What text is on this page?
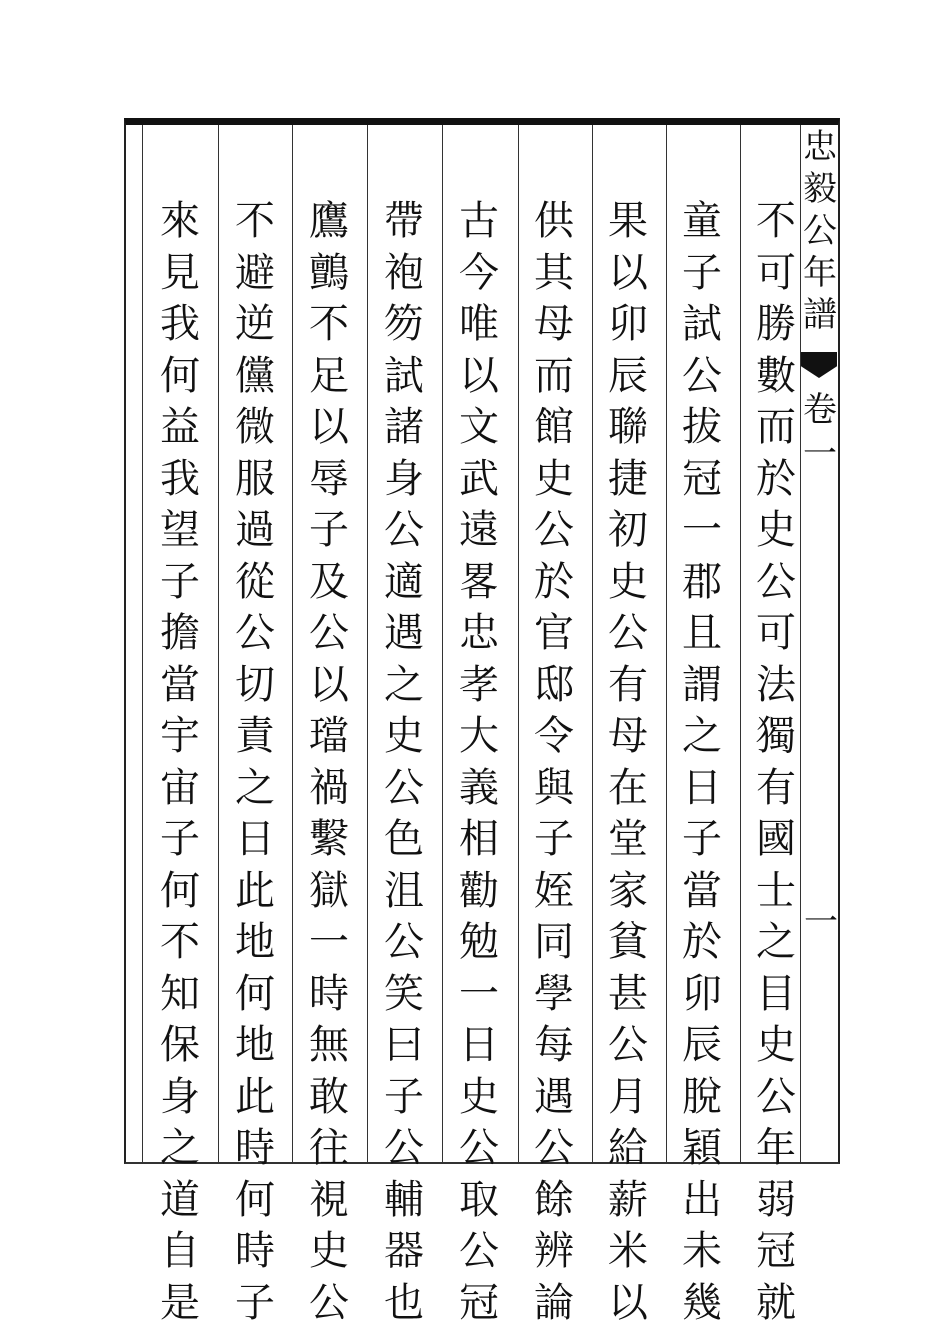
忠
毅
公
年
譜
卷
一
一
不
可
勝
數
而
於
史
公
可
法
獨
有
國
士
之
目
史
公
年
弱
冠
就
童
子
試
公
拔
冠
一
郡
且
謂
之
日
子
當
於
卯
辰
脫
穎
出
未
幾
果
以
卯
辰
聯
捷
初
史
公
有
母
在
堂
家
貧
甚
公
月
給
薪
米
以
供
其
母
而
館
史
公
於
官
邸
令
與
子
姪
同
學
每
遇
公
餘
辨
論
古
今
唯
以
文
武
遠
畧
忠
孝
大
義
相
勸
勉
一
日
史
公
取
公
冠
帶
袍
笏
試
諸
身
公
適
遇
之
史
公
色
沮
公
笑
曰
子
公
輔
器
也
鷹
鸇
不
足
以
辱
子
及
公
以
璫
禍
繫
獄
一
時
無
敢
往
視
史
公
不
避
逆
儻
微
服
過
從
公
切
責
之
日
此
地
何
地
此
時
何
時
子
來
見
我
何
益
我
望
子
擔
當
宇
宙
子
何
不
知
保
身
之
道
自
是
